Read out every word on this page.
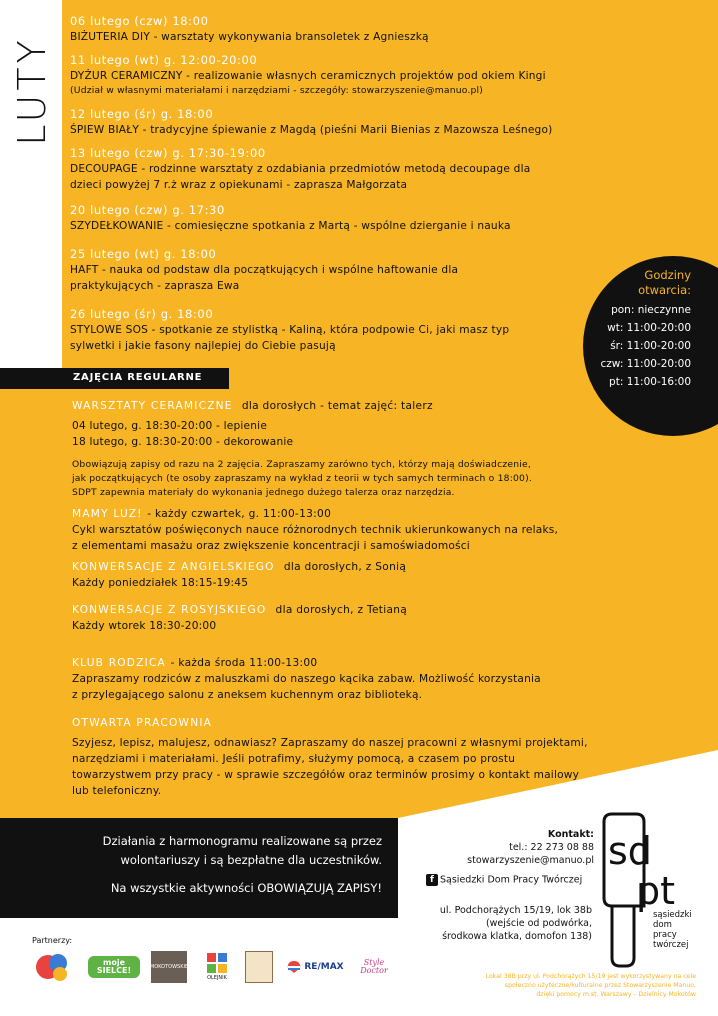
LUTY
06 lutego (czw) 18:00
BIŻUTERIA DIY - warsztaty wykonywania bransoletek z Agnieszką
11 lutego (wt) g. 12:00-20:00
DYŻUR CERAMICZNY - realizowanie własnych ceramicznych projektów pod okiem Kingi
(Udział w własnymi materiałami i narzędziami - szczegóły: stowarzyszenie@manuo.pl)
12 lutego (śr) g. 18:00
ŚPIEW BIAŁY - tradycyjne śpiewanie z Magdą (pieśni Marii Bienias z Mazowsza Leśnego)
13 lutego (czw) g. 17:30-19:00
DECOUPAGE - rodzinne warsztaty z ozdabiania przedmiotów metodą decoupage dla
dzieci powyżej 7 r.ż wraz z opiekunami - zaprasza Małgorzata
20 lutego (czw) g. 17:30
SZYDEŁKOWANIE - comiesięczne spotkania z Martą - wspólne dzierganie i nauka
25 lutego (wt) g. 18:00
HAFT - nauka od podstaw dla początkujących i wspólne haftowanie dla
praktykujących - zaprasza Ewa
26 lutego (śr) g. 18:00
STYLOWE SOS - spotkanie ze stylistką - Kaliną, która podpowie Ci, jaki masz typ
sylwetki i jakie fasony najlepiej do Ciebie pasują
Godziny
otwarcia:
pon: nieczynne
wt: 11:00-20:00
śr: 11:00-20:00
czw: 11:00-20:00
pt: 11:00-16:00
ZAJĘCIA REGULARNE
WARSZTATY CERAMICZNE dla dorosłych - temat zajęć: talerz
04 lutego, g. 18:30-20:00 - lepienie
18 lutego, g. 18:30-20:00 - dekorowanie
Obowiązują zapisy od razu na 2 zajęcia. Zapraszamy zarówno tych, którzy mają doświadczenie,
jak początkujących (te osoby zapraszamy na wykład z teorii w tych samych terminach o 18:00).
SDPT zapewnia materiały do wykonania jednego dużego talerza oraz narzędzia.
MAMY LUZ! - każdy czwartek, g. 11:00-13:00
Cykl warsztatów poświęconych nauce różnorodnych technik ukierunkowanych na relaks,
z elementami masażu oraz zwiększenie koncentracji i samoświadomości
KONWERSACJE Z ANGIELSKIEGO dla dorosłych, z Sonią
Każdy poniedziałek 18:15-19:45
KONWERSACJE Z ROSYJSKIEGO dla dorosłych, z Tetianą
Każdy wtorek 18:30-20:00
KLUB RODZICA - każda środa 11:00-13:00
Zapraszamy rodziców z maluszkami do naszego kącika zabaw. Możliwość korzystania
z przylegającego salonu z aneksem kuchennym oraz biblioteką.
OTWARTA PRACOWNIA
Szyjesz, lepisz, malujesz, odnawiasz? Zapraszamy do naszej pracowni z własnymi projektami,
narzędziami i materiałami. Jeśli potrafimy, służymy pomocą, a czasem po prostu
towarzystwem przy pracy - w sprawie szczegółów oraz terminów prosimy o kontakt mailowy
lub telefoniczny.
Działania z harmonogramu realizowane są przez
wolontariuszy i są bezpłatne dla uczestników.
Na wszystkie aktywności OBOWIĄZUJĄ ZAPISY!
Kontakt:
tel.: 22 273 08 88
stowarzyszenie@manuo.pl
f Sąsiedzki Dom Pracy Twórczej
ul. Podchorążych 15/19, lok 38b
(wejście od podwórka,
środkowa klatka, domofon 138)
sd
pt
sąsiedzki
dom
pracy
twórczej
Lokal 38B przy ul. Podchorążych 15/19 jest wykorzystywany na cele
społeczno użyteczne/kulturalne przez Stowarzyszenie Manuo,
dzięki pomocy m.st. Warszawy – Dzielnicy Mokotów
Partnerzy:
moje SIELCE!	MOKOTOWSKIE
OLEJNIK
RE/MAX	Style Doctor
